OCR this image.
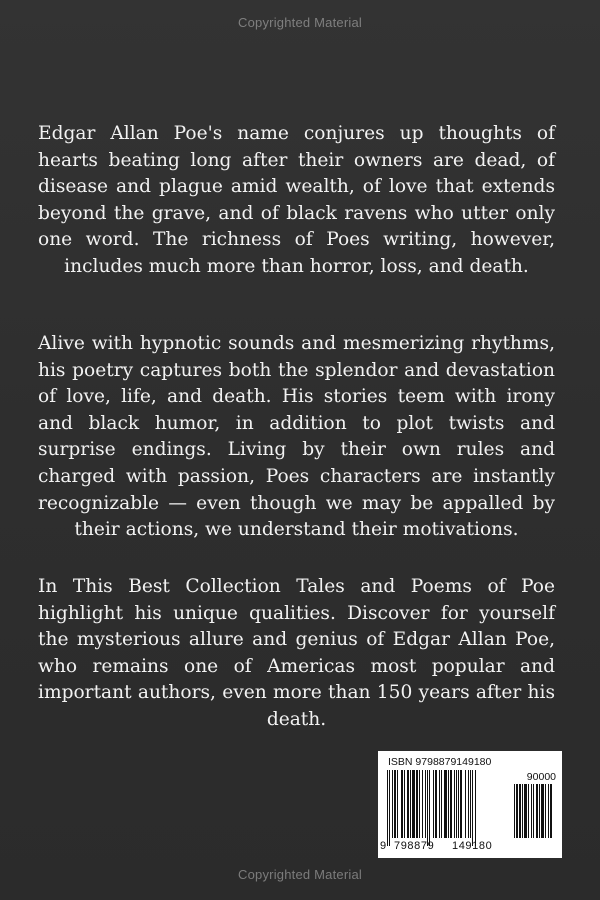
Copyrighted Material

Edgar Allan Poe's name conjures up thoughts of hearts beating long after their owners are dead, of disease and plague amid wealth, of love that extends beyond the grave, and of black ravens who utter only one word. The richness of Poes writing, however, includes much more than horror, loss, and death.

Alive with hypnotic sounds and mesmerizing rhythms, his poetry captures both the splendor and devastation of love, life, and death. His stories teem with irony and black humor, in addition to plot twists and surprise endings. Living by their own rules and charged with passion, Poes characters are instantly recognizable — even though we may be appalled by their actions, we understand their motivations.

In This Best Collection Tales and Poems of Poe highlight his unique qualities. Discover for yourself the mysterious allure and genius of Edgar Allan Poe, who remains one of Americas most popular and important authors, even more than 150 years after his death.

ISBN 9798879149180
90000
9 798879 149180
Copyrighted Material
